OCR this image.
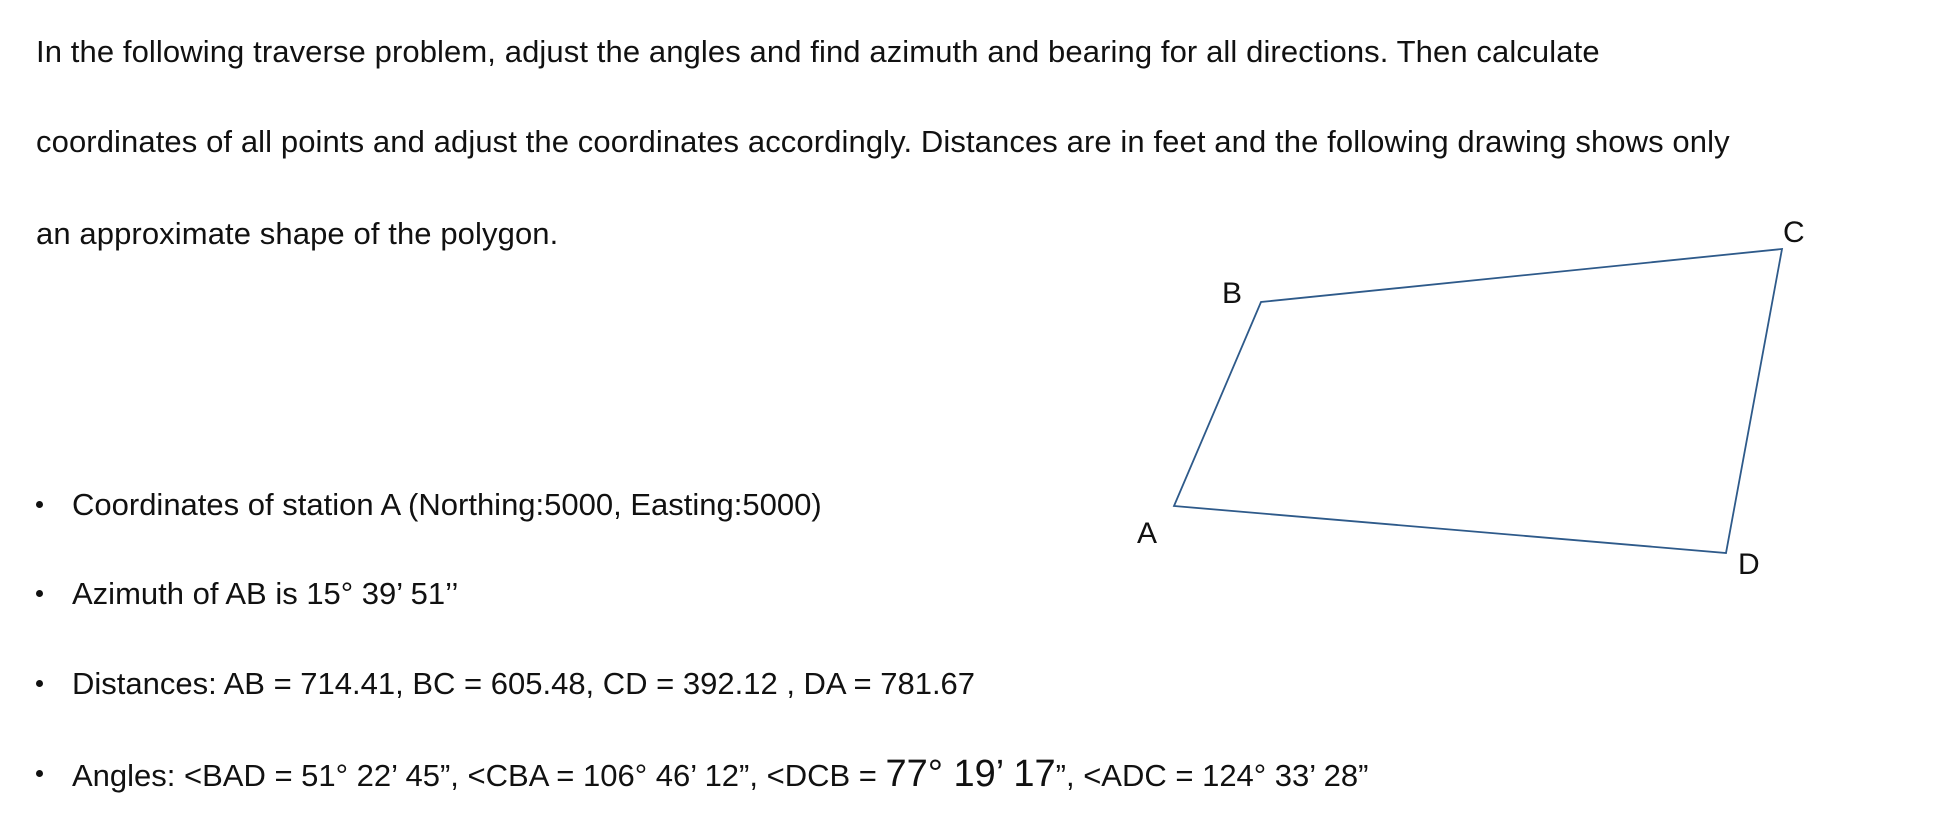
In the following traverse problem, adjust the angles and find azimuth and bearing for all directions. Then calculate
coordinates of all points and adjust the coordinates accordingly. Distances are in feet and the following drawing shows only
an approximate shape of the polygon.
Coordinates of station A (Northing:5000, Easting:5000)
Azimuth of AB is 15° 39’ 51’’
Distances: AB = 714.41, BC = 605.48, CD = 392.12 , DA = 781.67
Angles: <BAD = 51° 22’ 45”, <CBA = 106° 46’ 12”, <DCB = 77° 19’ 17”, <ADC = 124° 33’ 28”
A
B
C
D
